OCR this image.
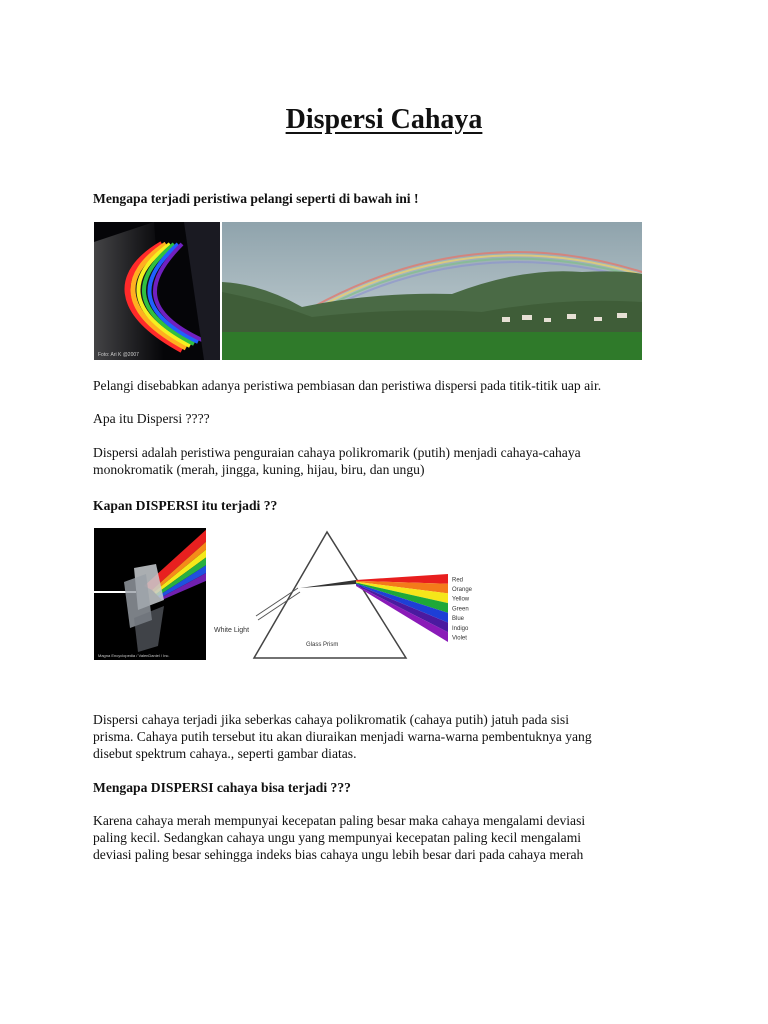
Dispersi Cahaya

Mengapa terjadi peristiwa pelangi seperti di bawah ini !

Foto: Ari K @2007

Pelangi disebabkan adanya peristiwa pembiasan dan peristiwa dispersi pada titik-titik uap air.

Apa itu Dispersi ????

Dispersi adalah peristiwa penguraian cahaya polikromarik (putih) menjadi cahaya-cahaya
monokromatik (merah, jingga, kuning, hijau, biru, dan ungu)

Kapan DISPERSI itu terjadi ??

Magna Encyclopedia / ValenDaniel / Inc.
White Light
Glass Prism
Red
Orange
Yellow
Green
Blue
Indigo
Violet

Dispersi cahaya terjadi jika seberkas cahaya polikromatik (cahaya putih) jatuh pada sisi
prisma. Cahaya putih tersebut itu akan diuraikan menjadi warna-warna pembentuknya yang
disebut spektrum cahaya., seperti gambar diatas.

Mengapa DISPERSI cahaya bisa terjadi ???

Karena cahaya merah mempunyai kecepatan paling besar maka cahaya mengalami deviasi
paling kecil. Sedangkan cahaya ungu yang mempunyai kecepatan paling kecil mengalami
deviasi paling besar sehingga indeks bias cahaya ungu lebih besar dari pada cahaya merah
